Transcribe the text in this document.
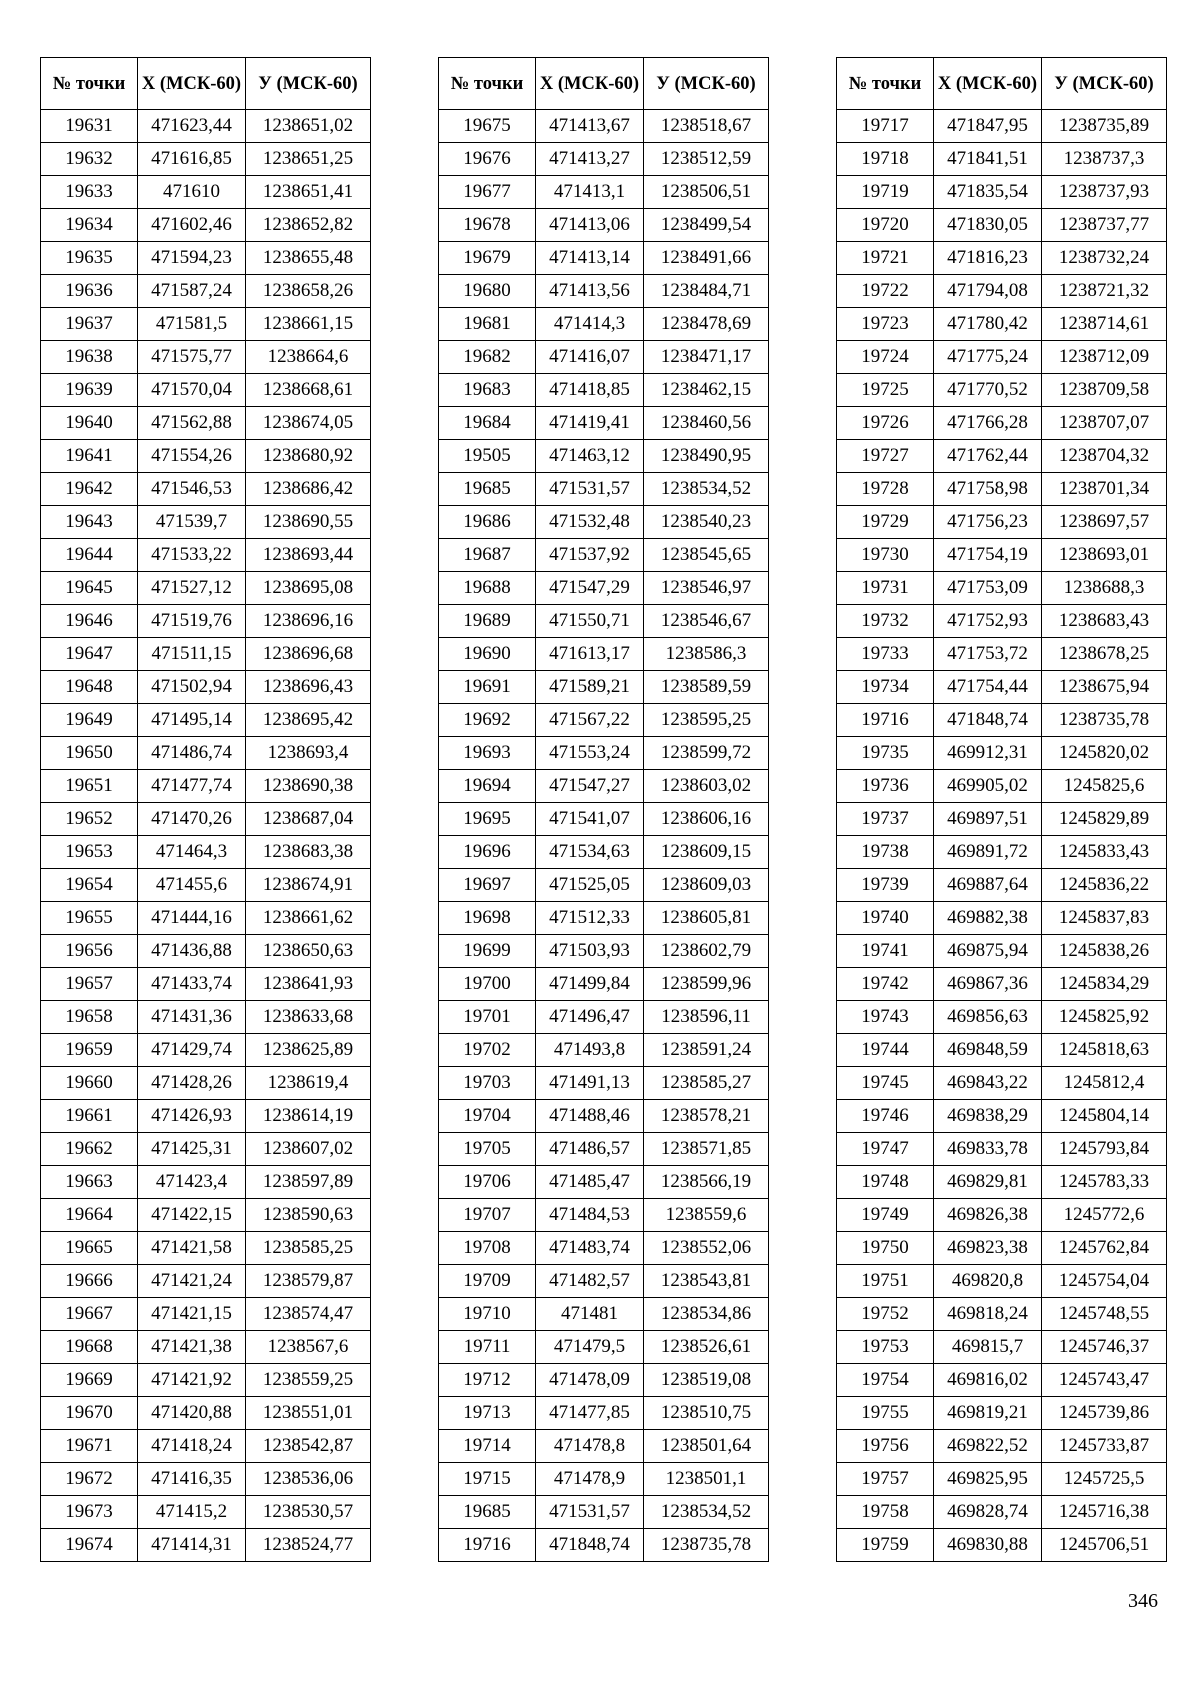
№ точки	Х (МСК-60)	У (МСК-60)
19631	471623,44	1238651,02
19632	471616,85	1238651,25
19633	471610	1238651,41
19634	471602,46	1238652,82
19635	471594,23	1238655,48
19636	471587,24	1238658,26
19637	471581,5	1238661,15
19638	471575,77	1238664,6
19639	471570,04	1238668,61
19640	471562,88	1238674,05
19641	471554,26	1238680,92
19642	471546,53	1238686,42
19643	471539,7	1238690,55
19644	471533,22	1238693,44
19645	471527,12	1238695,08
19646	471519,76	1238696,16
19647	471511,15	1238696,68
19648	471502,94	1238696,43
19649	471495,14	1238695,42
19650	471486,74	1238693,4
19651	471477,74	1238690,38
19652	471470,26	1238687,04
19653	471464,3	1238683,38
19654	471455,6	1238674,91
19655	471444,16	1238661,62
19656	471436,88	1238650,63
19657	471433,74	1238641,93
19658	471431,36	1238633,68
19659	471429,74	1238625,89
19660	471428,26	1238619,4
19661	471426,93	1238614,19
19662	471425,31	1238607,02
19663	471423,4	1238597,89
19664	471422,15	1238590,63
19665	471421,58	1238585,25
19666	471421,24	1238579,87
19667	471421,15	1238574,47
19668	471421,38	1238567,6
19669	471421,92	1238559,25
19670	471420,88	1238551,01
19671	471418,24	1238542,87
19672	471416,35	1238536,06
19673	471415,2	1238530,57
19674	471414,31	1238524,77
№ точки	Х (МСК-60)	У (МСК-60)
19675	471413,67	1238518,67
19676	471413,27	1238512,59
19677	471413,1	1238506,51
19678	471413,06	1238499,54
19679	471413,14	1238491,66
19680	471413,56	1238484,71
19681	471414,3	1238478,69
19682	471416,07	1238471,17
19683	471418,85	1238462,15
19684	471419,41	1238460,56
19505	471463,12	1238490,95
19685	471531,57	1238534,52
19686	471532,48	1238540,23
19687	471537,92	1238545,65
19688	471547,29	1238546,97
19689	471550,71	1238546,67
19690	471613,17	1238586,3
19691	471589,21	1238589,59
19692	471567,22	1238595,25
19693	471553,24	1238599,72
19694	471547,27	1238603,02
19695	471541,07	1238606,16
19696	471534,63	1238609,15
19697	471525,05	1238609,03
19698	471512,33	1238605,81
19699	471503,93	1238602,79
19700	471499,84	1238599,96
19701	471496,47	1238596,11
19702	471493,8	1238591,24
19703	471491,13	1238585,27
19704	471488,46	1238578,21
19705	471486,57	1238571,85
19706	471485,47	1238566,19
19707	471484,53	1238559,6
19708	471483,74	1238552,06
19709	471482,57	1238543,81
19710	471481	1238534,86
19711	471479,5	1238526,61
19712	471478,09	1238519,08
19713	471477,85	1238510,75
19714	471478,8	1238501,64
19715	471478,9	1238501,1
19685	471531,57	1238534,52
19716	471848,74	1238735,78
№ точки	Х (МСК-60)	У (МСК-60)
19717	471847,95	1238735,89
19718	471841,51	1238737,3
19719	471835,54	1238737,93
19720	471830,05	1238737,77
19721	471816,23	1238732,24
19722	471794,08	1238721,32
19723	471780,42	1238714,61
19724	471775,24	1238712,09
19725	471770,52	1238709,58
19726	471766,28	1238707,07
19727	471762,44	1238704,32
19728	471758,98	1238701,34
19729	471756,23	1238697,57
19730	471754,19	1238693,01
19731	471753,09	1238688,3
19732	471752,93	1238683,43
19733	471753,72	1238678,25
19734	471754,44	1238675,94
19716	471848,74	1238735,78
19735	469912,31	1245820,02
19736	469905,02	1245825,6
19737	469897,51	1245829,89
19738	469891,72	1245833,43
19739	469887,64	1245836,22
19740	469882,38	1245837,83
19741	469875,94	1245838,26
19742	469867,36	1245834,29
19743	469856,63	1245825,92
19744	469848,59	1245818,63
19745	469843,22	1245812,4
19746	469838,29	1245804,14
19747	469833,78	1245793,84
19748	469829,81	1245783,33
19749	469826,38	1245772,6
19750	469823,38	1245762,84
19751	469820,8	1245754,04
19752	469818,24	1245748,55
19753	469815,7	1245746,37
19754	469816,02	1245743,47
19755	469819,21	1245739,86
19756	469822,52	1245733,87
19757	469825,95	1245725,5
19758	469828,74	1245716,38
19759	469830,88	1245706,51
346
